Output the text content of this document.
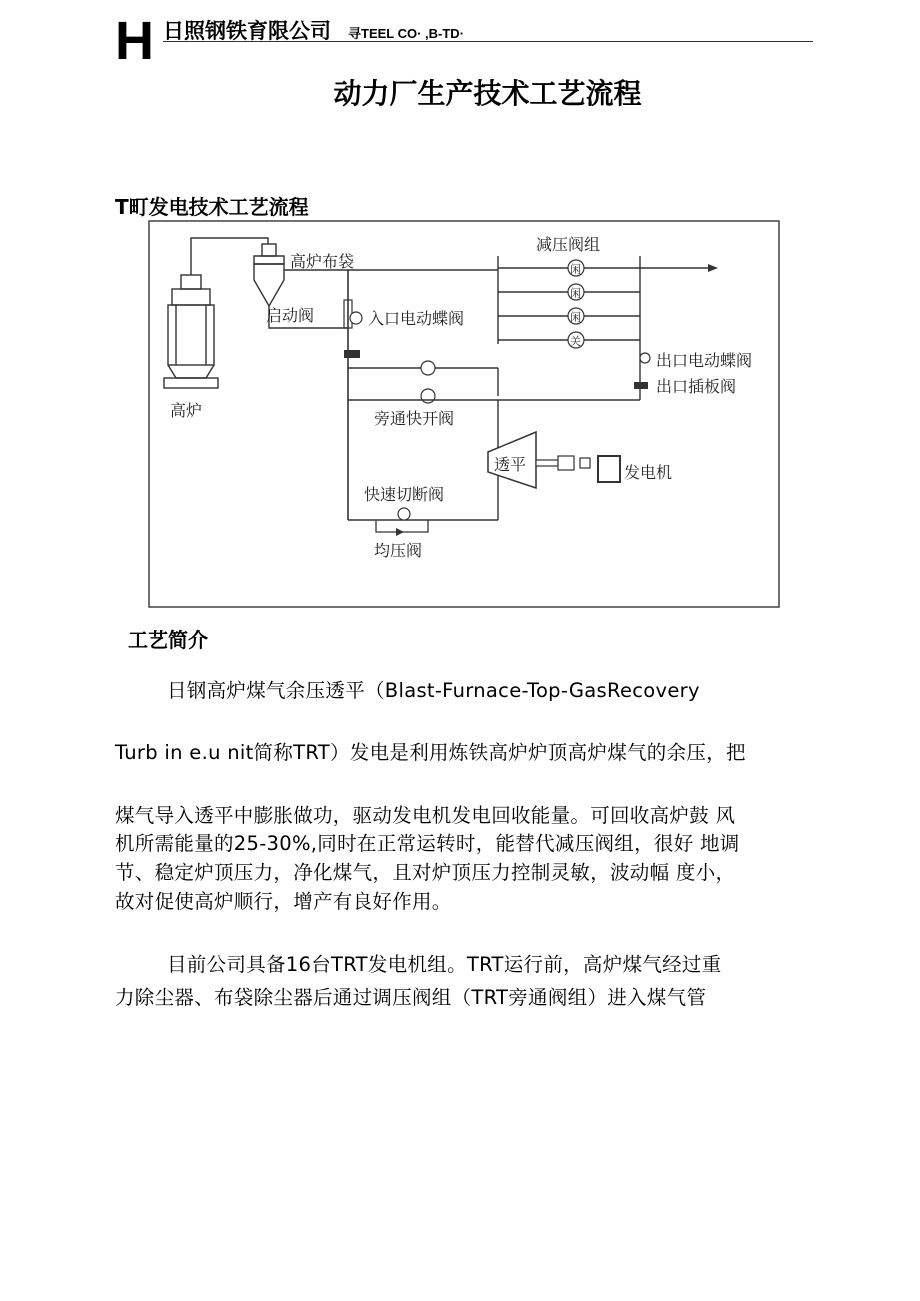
H 日照钢铁育限公司 寻TEEL CO· ,B-TD·
动力厂生产技术工艺流程
T町发电技术工艺流程
高炉
高炉布袋
启动阀
减压阀组
闲
闲
闲
关
入口电动蝶阀
旁通快开阀
出口电动蝶阀
出口插板阀
透平	发电机
快速切断阀
均压阀
工艺简介
日钢高炉煤气余压透平（Blast-Furnace-Top-GasRecovery
Turb in e.u nit简称TRT）发电是利用炼铁高炉炉顶高炉煤气的余压，把
煤气导入透平中膨胀做功，驱动发电机发电回收能量。可回收高炉鼓 风
机所需能量的25-30%,同时在正常运转时，能替代减压阀组，很好 地调
节、稳定炉顶压力，净化煤气，且对炉顶压力控制灵敏，波动幅 度小，
故对促使高炉顺行，增产有良好作用。
目前公司具备16台TRT发电机组。TRT运行前，高炉煤气经过重
力除尘器、布袋除尘器后通过调压阀组（TRT旁通阀组）进入煤气管
